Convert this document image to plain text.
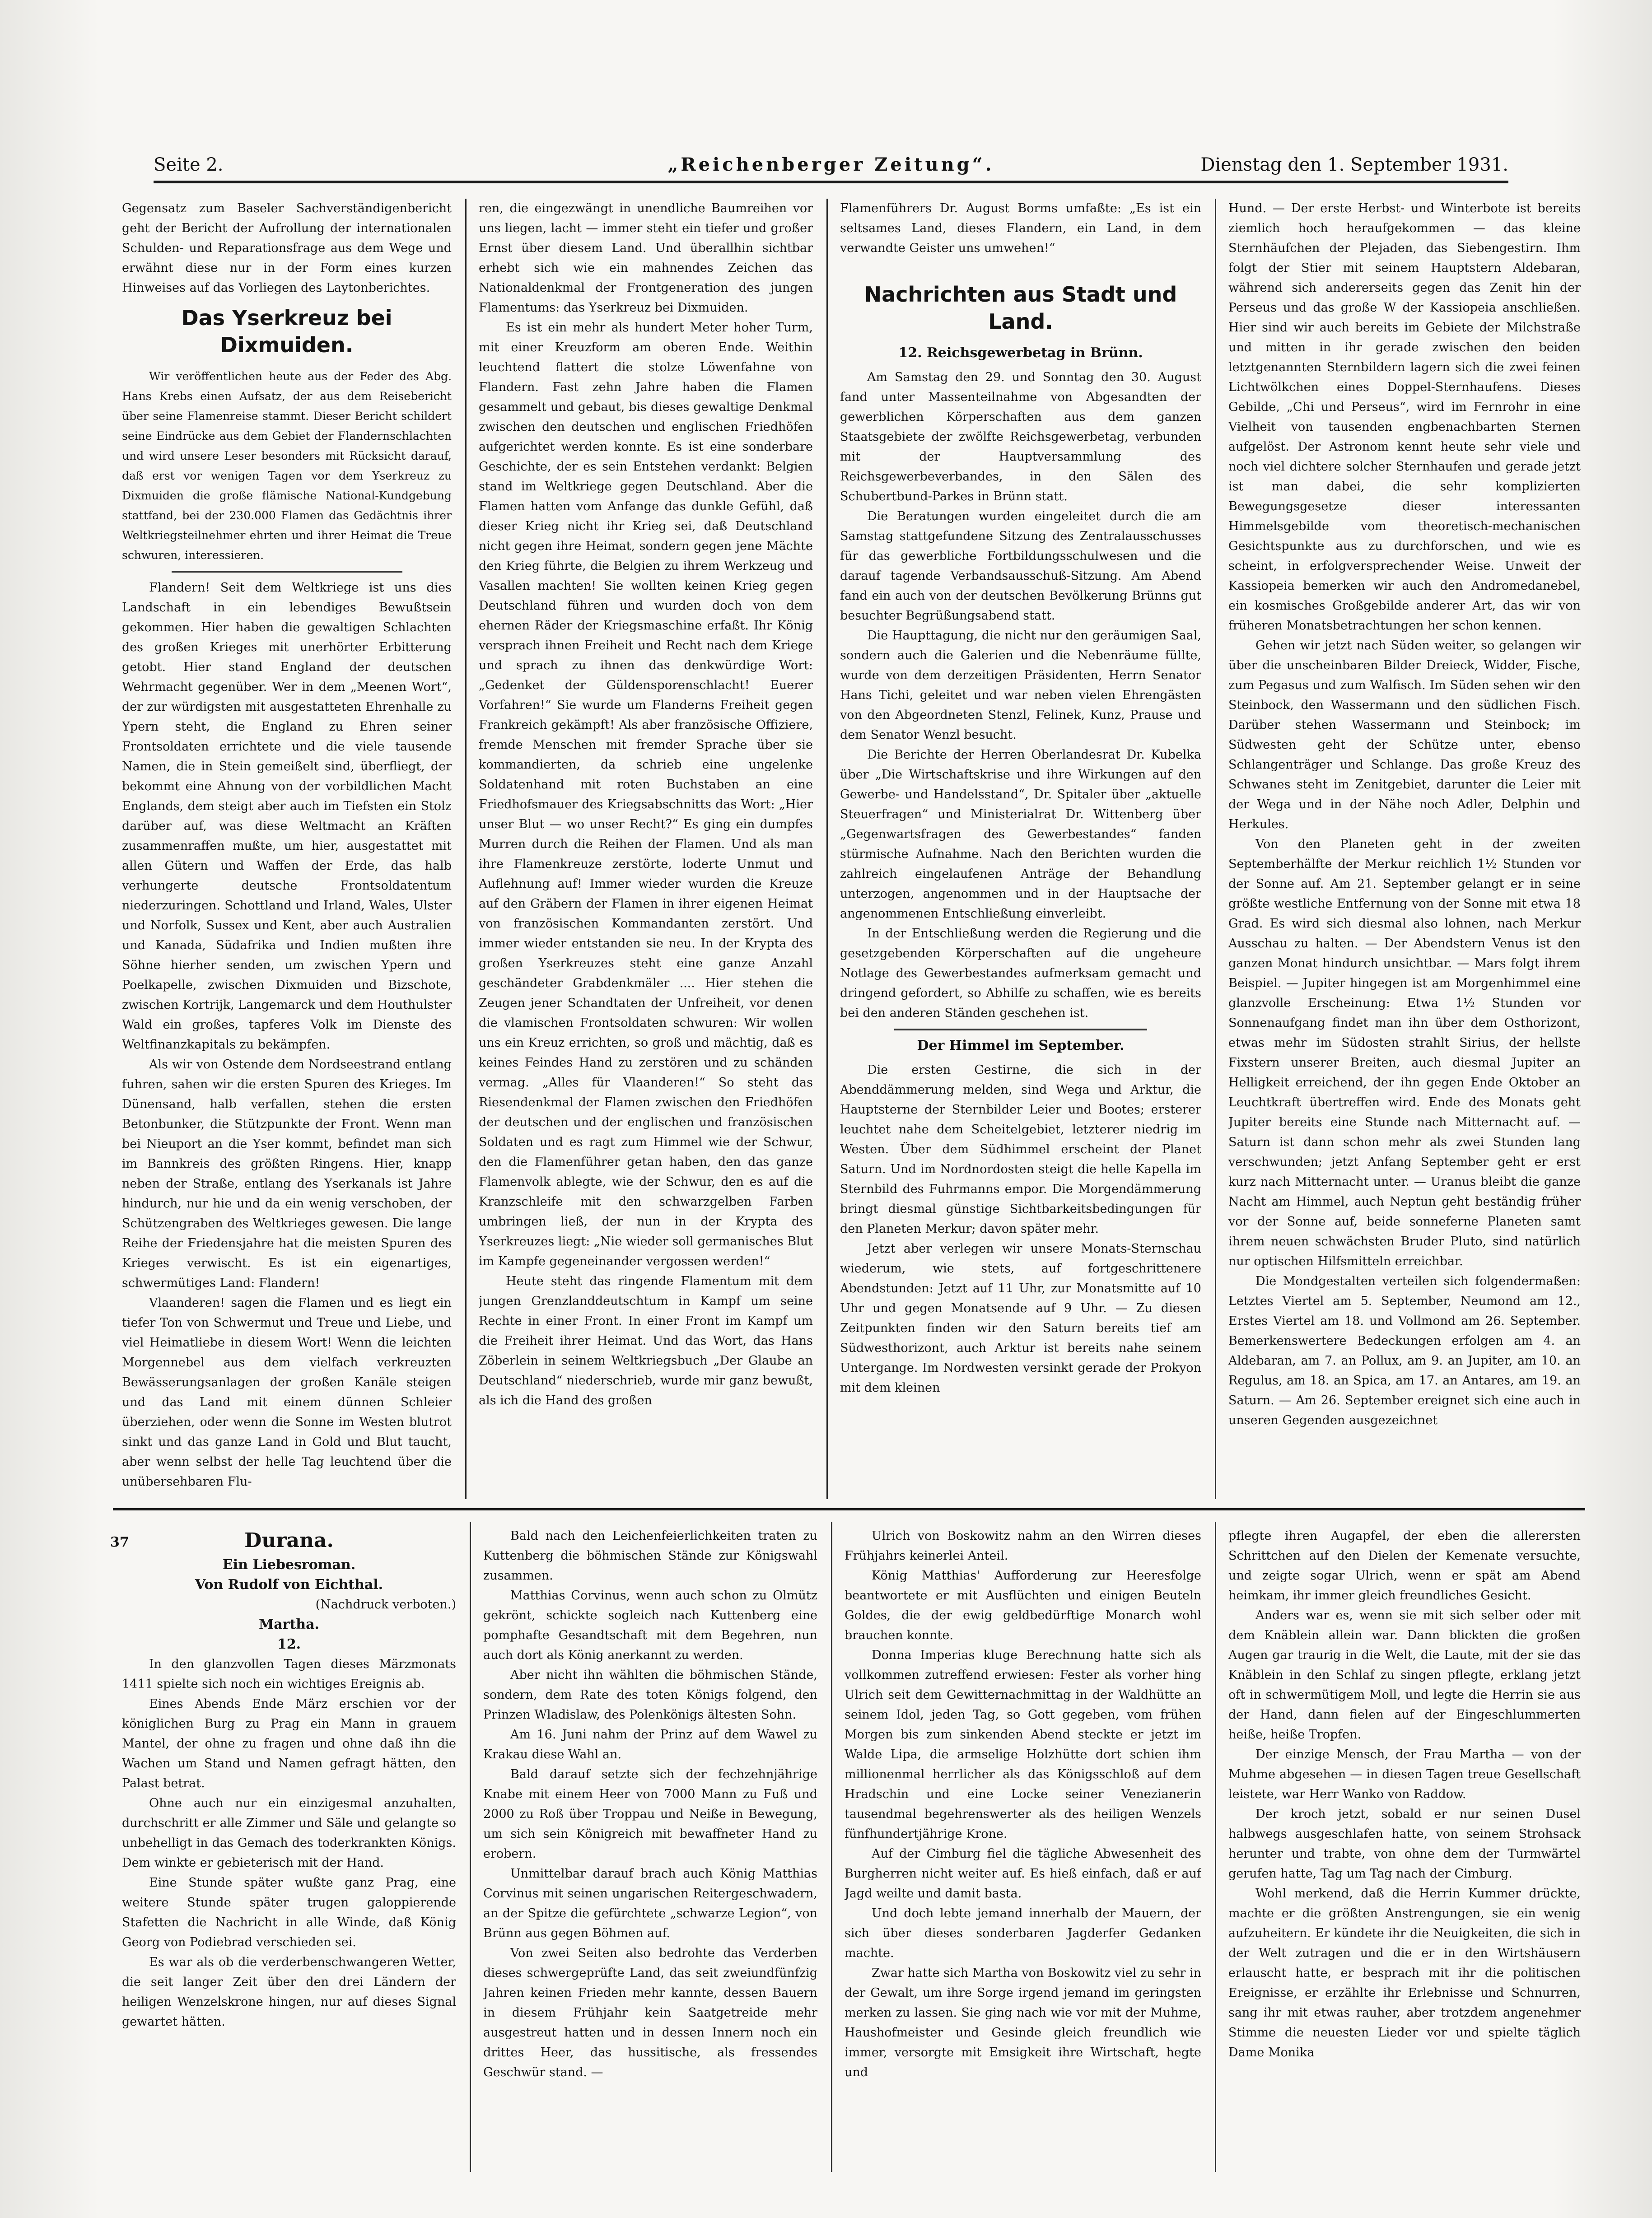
Seite 2.	„Reichenberger Zeitung“.	Dienstag den 1. September 1931.

Gegensatz zum Baseler Sachverständigenbericht geht der Bericht der Aufrollung der internationalen Schulden- und Reparationsfrage aus dem Wege und erwähnt diese nur in der Form eines kurzen Hinweises auf das Vorliegen des Laytonberichtes.

Das Yserkreuz bei Dixmuiden.

Wir veröffentlichen heute aus der Feder des Abg. Hans Krebs einen Aufsatz, der aus dem Reisebericht über seine Flamenreise stammt. Dieser Bericht schildert seine Eindrücke aus dem Gebiet der Flandernschlachten und wird unsere Leser besonders mit Rücksicht darauf, daß erst vor wenigen Tagen vor dem Yserkreuz zu Dixmuiden die große flämische National-Kundgebung stattfand, bei der 230.000 Flamen das Gedächtnis ihrer Weltkriegsteilnehmer ehrten und ihrer Heimat die Treue schwuren, interessieren.

Flandern! Seit dem Weltkriege ist uns dies Landschaft in ein lebendiges Bewußtsein gekommen. Hier haben die gewaltigen Schlachten des großen Krieges mit unerhörter Erbitterung getobt. Hier stand England der deutschen Wehrmacht gegenüber. Wer in dem „Meenen Wort“, der zur würdigsten mit ausgestatteten Ehrenhalle zu Ypern steht, die England zu Ehren seiner Frontsoldaten errichtete und die viele tausende Namen, die in Stein gemeißelt sind, überfliegt, der bekommt eine Ahnung von der vorbildlichen Macht Englands, dem steigt aber auch im Tiefsten ein Stolz darüber auf, was diese Weltmacht an Kräften zusammenraffen mußte, um hier, ausgestattet mit allen Gütern und Waffen der Erde, das halb verhungerte deutsche Frontsoldatentum niederzuringen. Schottland und Irland, Wales, Ulster und Norfolk, Sussex und Kent, aber auch Australien und Kanada, Südafrika und Indien mußten ihre Söhne hierher senden, um zwischen Ypern und Poelkapelle, zwischen Dixmuiden und Bizschote, zwischen Kortrijk, Langemarck und dem Houthulster Wald ein großes, tapferes Volk im Dienste des Weltfinanzkapitals zu bekämpfen.

Als wir von Ostende dem Nordseestrand entlang fuhren, sahen wir die ersten Spuren des Krieges. Im Dünensand, halb verfallen, stehen die ersten Betonbunker, die Stützpunkte der Front. Wenn man bei Nieuport an die Yser kommt, befindet man sich im Bannkreis des größten Ringens. Hier, knapp neben der Straße, entlang des Yserkanals ist Jahre hindurch, nur hie und da ein wenig verschoben, der Schützengraben des Weltkrieges gewesen. Die lange Reihe der Friedensjahre hat die meisten Spuren des Krieges verwischt. Es ist ein eigenartiges, schwermütiges Land: Flandern!

Vlaanderen! sagen die Flamen und es liegt ein tiefer Ton von Schwermut und Treue und Liebe, und viel Heimatliebe in diesem Wort! Wenn die leichten Morgennebel aus dem vielfach verkreuzten Bewässerungsanlagen der großen Kanäle steigen und das Land mit einem dünnen Schleier überziehen, oder wenn die Sonne im Westen blutrot sinkt und das ganze Land in Gold und Blut taucht, aber wenn selbst der helle Tag leuchtend über die unübersehbaren Flu-

ren, die eingezwängt in unendliche Baumreihen vor uns liegen, lacht — immer steht ein tiefer und großer Ernst über diesem Land. Und überallhin sichtbar erhebt sich wie ein mahnendes Zeichen das Nationaldenkmal der Frontgeneration des jungen Flamentums: das Yserkreuz bei Dixmuiden.

Es ist ein mehr als hundert Meter hoher Turm, mit einer Kreuzform am oberen Ende. Weithin leuchtend flattert die stolze Löwenfahne von Flandern. Fast zehn Jahre haben die Flamen gesammelt und gebaut, bis dieses gewaltige Denkmal zwischen den deutschen und englischen Friedhöfen aufgerichtet werden konnte. Es ist eine sonderbare Geschichte, der es sein Entstehen verdankt: Belgien stand im Weltkriege gegen Deutschland. Aber die Flamen hatten vom Anfange das dunkle Gefühl, daß dieser Krieg nicht ihr Krieg sei, daß Deutschland nicht gegen ihre Heimat, sondern gegen jene Mächte den Krieg führte, die Belgien zu ihrem Werkzeug und Vasallen machten! Sie wollten keinen Krieg gegen Deutschland führen und wurden doch von dem ehernen Räder der Kriegsmaschine erfaßt. Ihr König versprach ihnen Freiheit und Recht nach dem Kriege und sprach zu ihnen das denkwürdige Wort: „Gedenket der Güldensporenschlacht! Euerer Vorfahren!“ Sie wurde um Flanderns Freiheit gegen Frankreich gekämpft! Als aber französische Offiziere, fremde Menschen mit fremder Sprache über sie kommandierten, da schrieb eine ungelenke Soldatenhand mit roten Buchstaben an eine Friedhofsmauer des Kriegsabschnitts das Wort: „Hier unser Blut — wo unser Recht?“ Es ging ein dumpfes Murren durch die Reihen der Flamen. Und als man ihre Flamenkreuze zerstörte, loderte Unmut und Auflehnung auf! Immer wieder wurden die Kreuze auf den Gräbern der Flamen in ihrer eigenen Heimat von französischen Kommandanten zerstört. Und immer wieder entstanden sie neu. In der Krypta des großen Yserkreuzes steht eine ganze Anzahl geschändeter Grabdenkmäler .... Hier stehen die Zeugen jener Schandtaten der Unfreiheit, vor denen die vlamischen Frontsoldaten schwuren: Wir wollen uns ein Kreuz errichten, so groß und mächtig, daß es keines Feindes Hand zu zerstören und zu schänden vermag. „Alles für Vlaanderen!“ So steht das Riesendenkmal der Flamen zwischen den Friedhöfen der deutschen und der englischen und französischen Soldaten und es ragt zum Himmel wie der Schwur, den die Flamenführer getan haben, den das ganze Flamenvolk ablegte, wie der Schwur, den es auf die Kranzschleife mit den schwarzgelben Farben umbringen ließ, der nun in der Krypta des Yserkreuzes liegt: „Nie wieder soll germanisches Blut im Kampfe gegeneinander vergossen werden!“

Heute steht das ringende Flamentum mit dem jungen Grenzlanddeutschtum in Kampf um seine Rechte in einer Front. In einer Front im Kampf um die Freiheit ihrer Heimat. Und das Wort, das Hans Zöberlein in seinem Weltkriegsbuch „Der Glaube an Deutschland“ niederschrieb, wurde mir ganz bewußt, als ich die Hand des großen

Flamenführers Dr. August Borms umfaßte: „Es ist ein seltsames Land, dieses Flandern, ein Land, in dem verwandte Geister uns umwehen!“

Nachrichten aus Stadt und Land.
12. Reichsgewerbetag in Brünn.

Am Samstag den 29. und Sonntag den 30. August fand unter Massenteilnahme von Abgesandten der gewerblichen Körperschaften aus dem ganzen Staatsgebiete der zwölfte Reichsgewerbetag, verbunden mit der Hauptversammlung des Reichsgewerbeverbandes, in den Sälen des Schubertbund-Parkes in Brünn statt.

Die Beratungen wurden eingeleitet durch die am Samstag stattgefundene Sitzung des Zentralausschusses für das gewerbliche Fortbildungsschulwesen und die darauf tagende Verbandsausschuß-Sitzung. Am Abend fand ein auch von der deutschen Bevölkerung Brünns gut besuchter Begrüßungsabend statt.

Die Haupttagung, die nicht nur den geräumigen Saal, sondern auch die Galerien und die Nebenräume füllte, wurde von dem derzeitigen Präsidenten, Herrn Senator Hans Tichi, geleitet und war neben vielen Ehrengästen von den Abgeordneten Stenzl, Felinek, Kunz, Prause und dem Senator Wenzl besucht.

Die Berichte der Herren Oberlandesrat Dr. Kubelka über „Die Wirtschaftskrise und ihre Wirkungen auf den Gewerbe- und Handelsstand“, Dr. Spitaler über „aktuelle Steuerfragen“ und Ministerialrat Dr. Wittenberg über „Gegenwartsfragen des Gewerbestandes“ fanden stürmische Aufnahme. Nach den Berichten wurden die zahlreich eingelaufenen Anträge der Behandlung unterzogen, angenommen und in der Hauptsache der angenommenen Entschließung einverleibt.

In der Entschließung werden die Regierung und die gesetzgebenden Körperschaften auf die ungeheure Notlage des Gewerbestandes aufmerksam gemacht und dringend gefordert, so Abhilfe zu schaffen, wie es bereits bei den anderen Ständen geschehen ist.

Der Himmel im September.

Die ersten Gestirne, die sich in der Abenddämmerung melden, sind Wega und Arktur, die Hauptsterne der Sternbilder Leier und Bootes; ersterer leuchtet nahe dem Scheitelgebiet, letzterer niedrig im Westen. Über dem Südhimmel erscheint der Planet Saturn. Und im Nordnordosten steigt die helle Kapella im Sternbild des Fuhrmanns empor. Die Morgendämmerung bringt diesmal günstige Sichtbarkeitsbedingungen für den Planeten Merkur; davon später mehr.

Jetzt aber verlegen wir unsere Monats-Sternschau wiederum, wie stets, auf fortgeschrittenere Abendstunden: Jetzt auf 11 Uhr, zur Monatsmitte auf 10 Uhr und gegen Monatsende auf 9 Uhr. — Zu diesen Zeitpunkten finden wir den Saturn bereits tief am Südwesthorizont, auch Arktur ist bereits nahe seinem Untergange. Im Nordwesten versinkt gerade der Prokyon mit dem kleinen

Hund. — Der erste Herbst- und Winterbote ist bereits ziemlich hoch heraufgekommen — das kleine Sternhäufchen der Plejaden, das Siebengestirn. Ihm folgt der Stier mit seinem Hauptstern Aldebaran, während sich andererseits gegen das Zenit hin der Perseus und das große W der Kassiopeia anschließen. Hier sind wir auch bereits im Gebiete der Milchstraße und mitten in ihr gerade zwischen den beiden letztgenannten Sternbildern lagern sich die zwei feinen Lichtwölkchen eines Doppel-Sternhaufens. Dieses Gebilde, „Chi und Perseus“, wird im Fernrohr in eine Vielheit von tausenden engbenachbarten Sternen aufgelöst. Der Astronom kennt heute sehr viele und noch viel dichtere solcher Sternhaufen und gerade jetzt ist man dabei, die sehr komplizierten Bewegungsgesetze dieser interessanten Himmelsgebilde vom theoretisch-mechanischen Gesichtspunkte aus zu durchforschen, und wie es scheint, in erfolgversprechender Weise. Unweit der Kassiopeia bemerken wir auch den Andromedanebel, ein kosmisches Großgebilde anderer Art, das wir von früheren Monatsbetrachtungen her schon kennen.

Gehen wir jetzt nach Süden weiter, so gelangen wir über die unscheinbaren Bilder Dreieck, Widder, Fische, zum Pegasus und zum Walfisch. Im Süden sehen wir den Steinbock, den Wassermann und den südlichen Fisch. Darüber stehen Wassermann und Steinbock; im Südwesten geht der Schütze unter, ebenso Schlangenträger und Schlange. Das große Kreuz des Schwanes steht im Zenitgebiet, darunter die Leier mit der Wega und in der Nähe noch Adler, Delphin und Herkules.

Von den Planeten geht in der zweiten Septemberhälfte der Merkur reichlich 1½ Stunden vor der Sonne auf. Am 21. September gelangt er in seine größte westliche Entfernung von der Sonne mit etwa 18 Grad. Es wird sich diesmal also lohnen, nach Merkur Ausschau zu halten. — Der Abendstern Venus ist den ganzen Monat hindurch unsichtbar. — Mars folgt ihrem Beispiel. — Jupiter hingegen ist am Morgenhimmel eine glanzvolle Erscheinung: Etwa 1½ Stunden vor Sonnenaufgang findet man ihn über dem Osthorizont, etwas mehr im Südosten strahlt Sirius, der hellste Fixstern unserer Breiten, auch diesmal Jupiter an Helligkeit erreichend, der ihn gegen Ende Oktober an Leuchtkraft übertreffen wird. Ende des Monats geht Jupiter bereits eine Stunde nach Mitternacht auf. — Saturn ist dann schon mehr als zwei Stunden lang verschwunden; jetzt Anfang September geht er erst kurz nach Mitternacht unter. — Uranus bleibt die ganze Nacht am Himmel, auch Neptun geht beständig früher vor der Sonne auf, beide sonneferne Planeten samt ihrem neuen schwächsten Bruder Pluto, sind natürlich nur optischen Hilfsmitteln erreichbar.

Die Mondgestalten verteilen sich folgendermaßen: Letztes Viertel am 5. September, Neumond am 12., Erstes Viertel am 18. und Vollmond am 26. September. Bemerkenswertere Bedeckungen erfolgen am 4. an Aldebaran, am 7. an Pollux, am 9. an Jupiter, am 10. an Regulus, am 18. an Spica, am 17. an Antares, am 19. an Saturn. — Am 26. September ereignet sich eine auch in unseren Gegenden ausgezeichnet

37	Durana.

Ein Liebesroman.

Von Rudolf von Eichthal.

(Nachdruck verboten.)

Martha.

12.

In den glanzvollen Tagen dieses Märzmonats 1411 spielte sich noch ein wichtiges Ereignis ab.

Eines Abends Ende März erschien vor der königlichen Burg zu Prag ein Mann in grauem Mantel, der ohne zu fragen und ohne daß ihn die Wachen um Stand und Namen gefragt hätten, den Palast betrat.

Ohne auch nur ein einzigesmal anzuhalten, durchschritt er alle Zimmer und Säle und gelangte so unbehelligt in das Gemach des toderkrankten Königs. Dem winkte er gebieterisch mit der Hand.

Eine Stunde später wußte ganz Prag, eine weitere Stunde später trugen galoppierende Stafetten die Nachricht in alle Winde, daß König Georg von Podiebrad verschieden sei.

Es war als ob die verderbenschwangeren Wetter, die seit langer Zeit über den drei Ländern der heiligen Wenzelskrone hingen, nur auf dieses Signal gewartet hätten.

Bald nach den Leichenfeierlichkeiten traten zu Kuttenberg die böhmischen Stände zur Königswahl zusammen.

Matthias Corvinus, wenn auch schon zu Olmütz gekrönt, schickte sogleich nach Kuttenberg eine pomphafte Gesandtschaft mit dem Begehren, nun auch dort als König anerkannt zu werden.

Aber nicht ihn wählten die böhmischen Stände, sondern, dem Rate des toten Königs folgend, den Prinzen Wladislaw, des Polenkönigs ältesten Sohn.

Am 16. Juni nahm der Prinz auf dem Wawel zu Krakau diese Wahl an.

Bald darauf setzte sich der fechzehnjährige Knabe mit einem Heer von 7000 Mann zu Fuß und 2000 zu Roß über Troppau und Neiße in Bewegung, um sich sein Königreich mit bewaffneter Hand zu erobern.

Unmittelbar darauf brach auch König Matthias Corvinus mit seinen ungarischen Reitergeschwadern, an der Spitze die gefürchtete „schwarze Legion“, von Brünn aus gegen Böhmen auf.

Von zwei Seiten also bedrohte das Verderben dieses schwergeprüfte Land, das seit zweiundfünfzig Jahren keinen Frieden mehr kannte, dessen Bauern in diesem Frühjahr kein Saatgetreide mehr ausgestreut hatten und in dessen Innern noch ein drittes Heer, das hussitische, als fressendes Geschwür stand. —

Ulrich von Boskowitz nahm an den Wirren dieses Frühjahrs keinerlei Anteil.

König Matthias' Aufforderung zur Heeresfolge beantwortete er mit Ausflüchten und einigen Beuteln Goldes, die der ewig geldbedürftige Monarch wohl brauchen konnte.

Donna Imperias kluge Berechnung hatte sich als vollkommen zutreffend erwiesen: Fester als vorher hing Ulrich seit dem Gewitternachmittag in der Waldhütte an seinem Idol, jeden Tag, so Gott gegeben, vom frühen Morgen bis zum sinkenden Abend steckte er jetzt im Walde Lipa, die armselige Holzhütte dort schien ihm millionenmal herrlicher als das Königsschloß auf dem Hradschin und eine Locke seiner Venezianerin tausendmal begehrenswerter als des heiligen Wenzels fünfhundertjährige Krone.

Auf der Cimburg fiel die tägliche Abwesenheit des Burgherren nicht weiter auf. Es hieß einfach, daß er auf Jagd weilte und damit basta.

Und doch lebte jemand innerhalb der Mauern, der sich über dieses sonderbaren Jagderfer Gedanken machte.

Zwar hatte sich Martha von Boskowitz viel zu sehr in der Gewalt, um ihre Sorge irgend jemand im geringsten merken zu lassen. Sie ging nach wie vor mit der Muhme, Haushofmeister und Gesinde gleich freundlich wie immer, versorgte mit Emsigkeit ihre Wirtschaft, hegte und

pflegte ihren Augapfel, der eben die allerersten Schrittchen auf den Dielen der Kemenate versuchte, und zeigte sogar Ulrich, wenn er spät am Abend heimkam, ihr immer gleich freundliches Gesicht.

Anders war es, wenn sie mit sich selber oder mit dem Knäblein allein war. Dann blickten die großen Augen gar traurig in die Welt, die Laute, mit der sie das Knäblein in den Schlaf zu singen pflegte, erklang jetzt oft in schwermütigem Moll, und legte die Herrin sie aus der Hand, dann fielen auf der Eingeschlummerten heiße, heiße Tropfen.

Der einzige Mensch, der Frau Martha — von der Muhme abgesehen — in diesen Tagen treue Gesellschaft leistete, war Herr Wanko von Raddow.

Der kroch jetzt, sobald er nur seinen Dusel halbwegs ausgeschlafen hatte, von seinem Strohsack herunter und trabte, von ohne dem der Turmwärtel gerufen hatte, Tag um Tag nach der Cimburg.

Wohl merkend, daß die Herrin Kummer drückte, machte er die größten Anstrengungen, sie ein wenig aufzuheitern. Er kündete ihr die Neuigkeiten, die sich in der Welt zutragen und die er in den Wirtshäusern erlauscht hatte, er besprach mit ihr die politischen Ereignisse, er erzählte ihr Erlebnisse und Schnurren, sang ihr mit etwas rauher, aber trotzdem angenehmer Stimme die neuesten Lieder vor und spielte täglich Dame Monika
